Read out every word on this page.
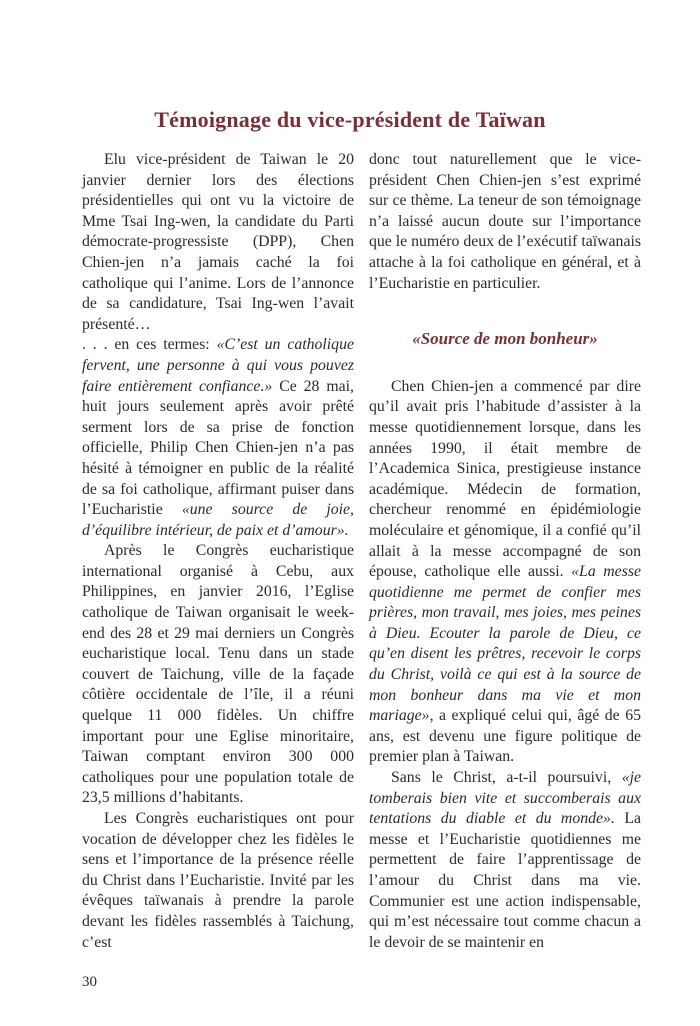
Témoignage du vice-président de Taïwan

Elu vice-président de Taiwan le 20 janvier dernier lors des élections présidentielles qui ont vu la victoire de Mme Tsai Ing-wen, la candidate du Parti démocrate-progressiste (DPP), Chen Chien-jen n’a jamais caché la foi catholique qui l’anime. Lors de l’annonce de sa candidature, Tsai Ing-wen l’avait présenté…

. . . en ces termes: «C’est un catholique fervent, une personne à qui vous pouvez faire entièrement confiance.» Ce 28 mai, huit jours seulement après avoir prêté serment lors de sa prise de fonction officielle, Philip Chen Chien-jen n’a pas hésité à témoigner en public de la réalité de sa foi catholique, affirmant puiser dans l’Eucharistie «une source de joie, d’équilibre intérieur, de paix et d’amour».

Après le Congrès eucharistique international organisé à Cebu, aux Philippines, en janvier 2016, l’Eglise catholique de Taiwan organisait le week-end des 28 et 29 mai derniers un Congrès eucharistique local. Tenu dans un stade couvert de Taichung, ville de la façade côtière occidentale de l’île, il a réuni quelque 11 000 fidèles. Un chiffre important pour une Eglise minoritaire, Taiwan comptant environ 300 000 catholiques pour une population totale de 23,5 millions d’habitants.

Les Congrès eucharistiques ont pour vocation de développer chez les fidèles le sens et l’importance de la présence réelle du Christ dans l’Eucharistie. Invité par les évêques taïwanais à prendre la parole devant les fidèles rassemblés à Taichung, c’est

donc tout naturellement que le vice-président Chen Chien-jen s’est exprimé sur ce thème. La teneur de son témoignage n’a laissé aucun doute sur l’importance que le numéro deux de l’exécutif taïwanais attache à la foi catholique en général, et à l’Eucharistie en particulier.

«Source de mon bonheur»

Chen Chien-jen a commencé par dire qu’il avait pris l’habitude d’assister à la messe quotidiennement lorsque, dans les années 1990, il était membre de l’Academica Sinica, prestigieuse instance académique. Médecin de formation, chercheur renommé en épidémiologie moléculaire et génomique, il a confié qu’il allait à la messe accompagné de son épouse, catholique elle aussi. «La messe quotidienne me permet de confier mes prières, mon travail, mes joies, mes peines à Dieu. Ecouter la parole de Dieu, ce qu’en disent les prêtres, recevoir le corps du Christ, voilà ce qui est à la source de mon bonheur dans ma vie et mon mariage», a expliqué celui qui, âgé de 65 ans, est devenu une figure politique de premier plan à Taiwan.

Sans le Christ, a-t-il poursuivi, «je tomberais bien vite et succomberais aux tentations du diable et du monde». La messe et l’Eucharistie quotidiennes me permettent de faire l’apprentissage de l’amour du Christ dans ma vie. Communier est une action indispensable, qui m’est nécessaire tout comme chacun a le devoir de se maintenir en

30
